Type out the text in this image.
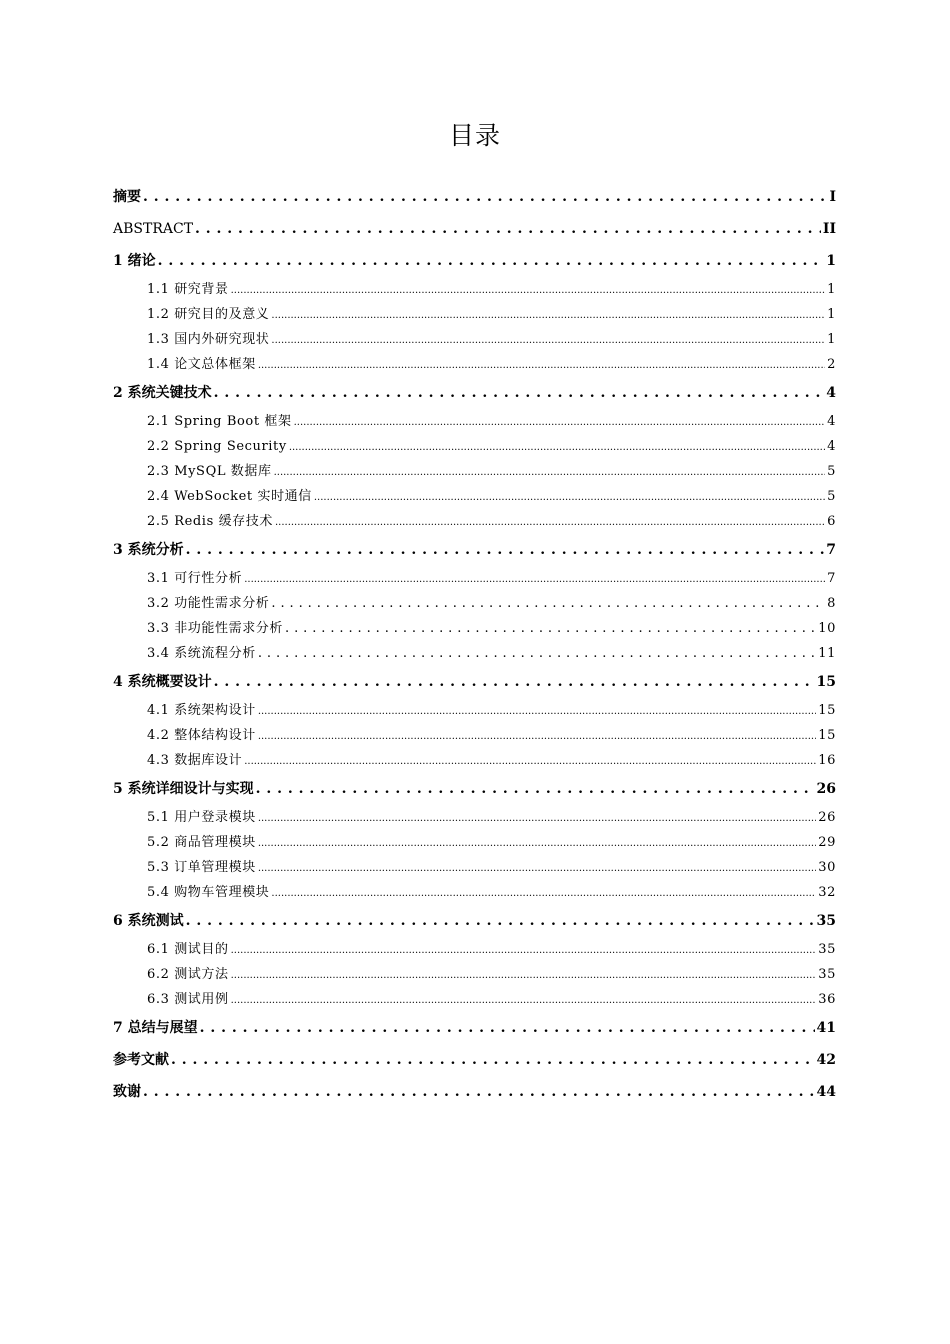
目录
摘要 . . .	I
ABSTRACT . . .	II
1 绪论 . . .	1
1.1 研究背景 .....	1
1.2 研究目的及意义 .....	1
1.3 国内外研究现状 .....	1
1.4 论文总体框架 .....	2
2 系统关键技术 . . .	4
2.1 Spring Boot 框架 .....	4
2.2 Spring Security .....	4
2.3 MySQL 数据库 .....	5
2.4 WebSocket 实时通信 .....	5
2.5 Redis 缓存技术 .....	6
3 系统分析 . . .	7
3.1 可行性分析 .....	7
3.2 功能性需求分析 . . .	8
3.3 非功能性需求分析 . . .	10
3.4 系统流程分析 . . .	11
4 系统概要设计 . . .	15
4.1 系统架构设计 .....	15
4.2 整体结构设计 .....	15
4.3 数据库设计 .....	16
5 系统详细设计与实现 . . .	26
5.1 用户登录模块 .....	26
5.2 商品管理模块 .....	29
5.3 订单管理模块 .....	30
5.4 购物车管理模块 .....	32
6 系统测试 . . .	35
6.1 测试目的 .....	35
6.2 测试方法 .....	35
6.3 测试用例 .....	36
7 总结与展望 . . .	41
参考文献 . . .	42
致谢 . . .	44
